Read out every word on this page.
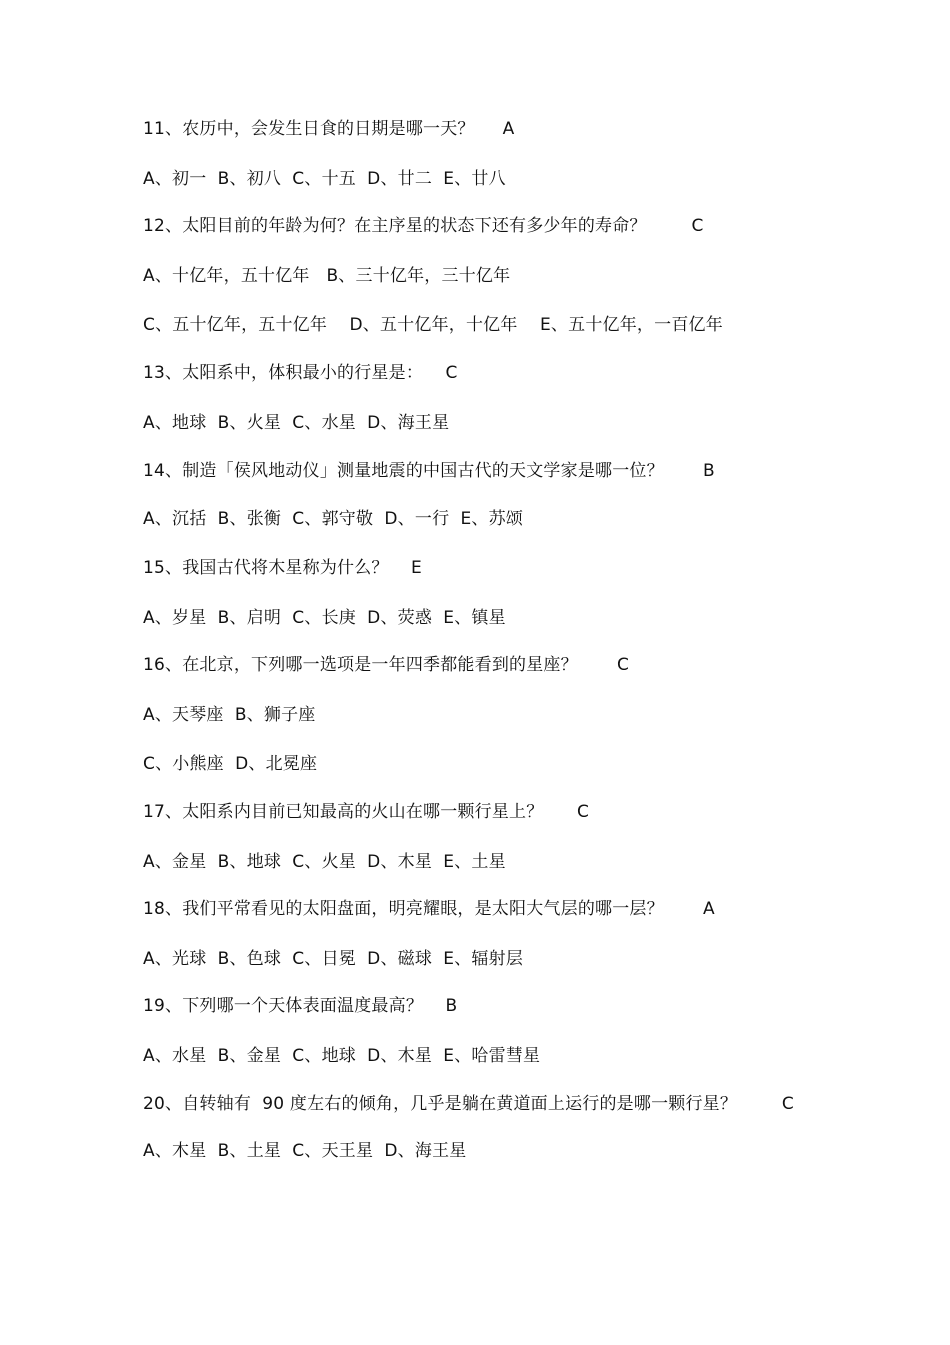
11、农历中，会发生日食的日期是哪一天？     A
A、初一  B、初八  C、十五  D、廿二  E、廿八
12、太阳目前的年龄为何？在主序星的状态下还有多少年的寿命？        C
A、十亿年，五十亿年   B、三十亿年，三十亿年
C、五十亿年，五十亿年    D、五十亿年，十亿年    E、五十亿年，一百亿年
13、太阳系中，体积最小的行星是：    C
A、地球  B、火星  C、水星  D、海王星
14、制造「侯风地动仪」测量地震的中国古代的天文学家是哪一位？       B
A、沉括  B、张衡  C、郭守敬  D、一行  E、苏颂
15、我国古代将木星称为什么？    E
A、岁星  B、启明  C、长庚  D、荧惑  E、镇星
16、在北京，下列哪一选项是一年四季都能看到的星座？       C
A、天琴座  B、狮子座
C、小熊座  D、北冕座
17、太阳系内目前已知最高的火山在哪一颗行星上？      C
A、金星  B、地球  C、火星  D、木星  E、土星
18、我们平常看见的太阳盘面，明亮耀眼，是太阳大气层的哪一层？       A
A、光球  B、色球  C、日冕  D、磁球  E、辐射层
19、下列哪一个天体表面温度最高？    B
A、水星  B、金星  C、地球  D、木星  E、哈雷彗星
20、自转轴有  90 度左右的倾角，几乎是躺在黄道面上运行的是哪一颗行星？        C
A、木星  B、土星  C、天王星  D、海王星
